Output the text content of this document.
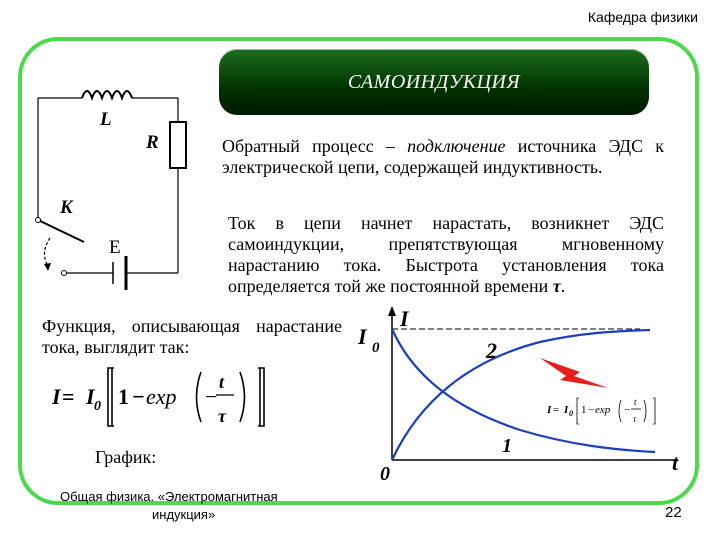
Кафедра физики
САМОИНДУКЦИЯ
L
R
K
E
Обратный процесс – подключение источника ЭДС к электрической цепи, содержащей индуктивность.
Ток в цепи начнет нарастать, возникнет ЭДС самоиндукции, препятствующая мгновенному нарастанию тока. Быстрота установления тока определяется той же постоянной времени τ.
Функция, описывающая нарастание тока, выглядит так:
I = I 0 1 − exp −
t
τ
График:
I
I 0
t
0
2
1
I = I 0 1 − exp −
t
τ
Общая физика. «Электромагнитная
индукция»	22
